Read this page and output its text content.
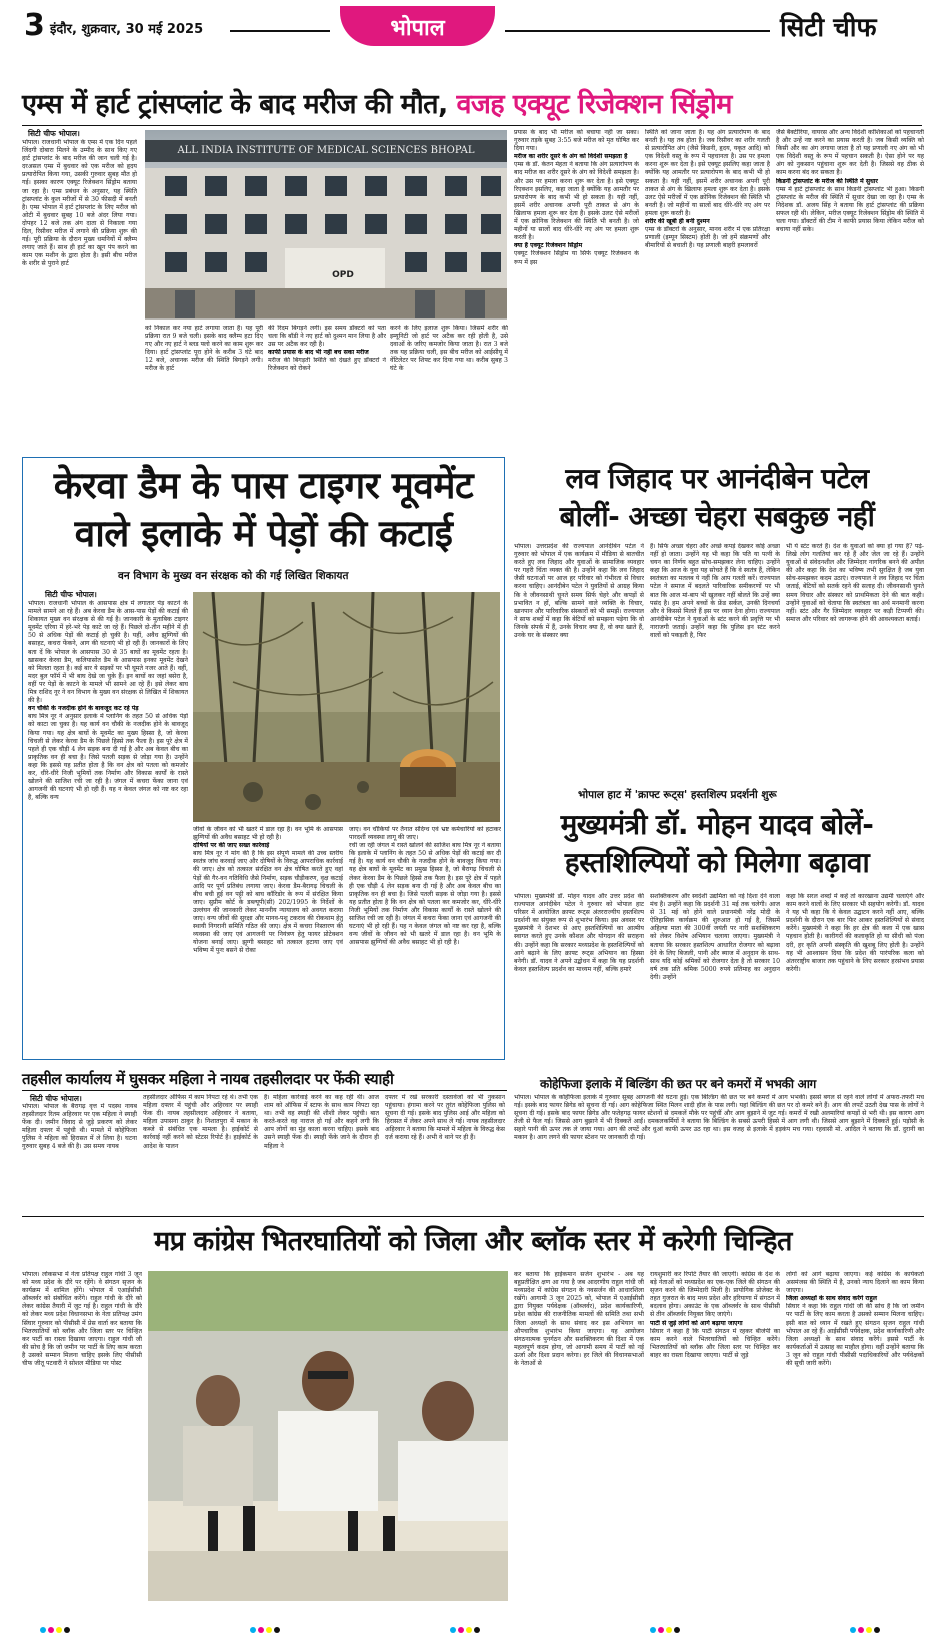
3 इंदौर, शुक्रवार, 30 मई 2025	भोपाल	सिटी चीफ
एम्स में हार्ट ट्रांसप्लांट के बाद मरीज की मौत, वजह एक्यूट रिजेक्शन सिंड्रोम
सिटी चीफ भोपाल।
भोपाल। राजधानी भोपाल के एम्स में एक दिन पहले जिंदगी दोबारा मिलने के उम्मीद के साथ किए गए हार्ट ट्रांसप्लांट के बाद मरीज की जान चली गई है। दरअसल एम्स में बुधवार को एक मरीज को हृदय प्रत्यारोपित किया गया, उसकी गुरुवार सुबह मौत हो गई। इसका कारण एक्यूट रिजेक्शन सिंड्रोम बताया जा रहा है। एम्स प्रबंधन के अनुसार, यह स्थिति ट्रांसप्लांट के कुल मरीजों में से 30 फीसदी में बनती है। एम्स भोपाल में हार्ट ट्रांसप्लांट के लिए मरीज को ओटी में बुधवार सुबह 10 बजे अंदर लिया गया। दोपहर 12 बजे तक अंग दाता से निकाला गया दिल, रिसीवर मरीज में लगाने की प्रक्रिया शुरू की गई। पूरी प्रक्रिया के दौरान मुख्य धमनियों में क्लैम्प लगाए जाते हैं। साथ ही हार्ट का खून पंप करने का काम एक मशीन के द्वारा होता है। इसी बीच मरीज के शरीर से पुराने हार्ट
ALL INDIA INSTITUTE OF MEDICAL SCIENCES BHOPAL
OPD
को निकाल कर नया हार्ट लगाया जाता है। यह पूरी प्रक्रिया रात 9 बजे चली। इसके बाद क्लैम्प हटा दिए गए और नए हार्ट ने ब्लड फ्लो करने का काम शुरू कर दिया। हार्ट ट्रांसप्लांट पूरा होने के करीब 3 घंटे बाद 12 बजे, अचानक मरीज की स्थिति बिगड़ने लगी। मरीज के हार्ट
की रिदम बिगड़ने लगी। इस समय डॉक्टरों को पता चला कि बॉडी ने नए हार्ट को दुश्मन मान लिया है और उस पर अटैक कर रही है।
काफी प्रयास के बाद भी नहीं बच सका मरीज
मरीज की बिगड़ती स्थिति को देखते हुए डॉक्टरों ने रिजेक्शन को रोकने
करने के लिए इलाज शुरू किया। जिसमें शरीर की इम्यूनिटी जो हार्ट पर अटैक कर रही होती है, उसे दवाओं के जरिए कमजोर किया जाता है। रात 3 बजे तक यह प्रक्रिया चली, इस बीच मरीज को आईसीयू में वेंटिलेटर पर शिफ्ट कर दिया गया था। करीब सुबह 3 घंटे के
प्रयास के बाद भी मरीज को बचाया नहीं जा सका। गुरुवार तड़के सुबह 3:55 बजे मरीज को मृत घोषित कर दिया गया।
मरीज का शरीर दूसरे के अंग को विदेशी समझता है
एम्स के डॉ. केतन मेहता ने बताया कि अंग प्रत्यारोपण के बाद मरीज का शरीर दूसरे के अंग को विदेशी समझता है। और उस पर हमला करना शुरू कर देता है। इसे एक्यूट रिएक्शन इसलिए, कहा जाता है क्योंकि यह आमतौर पर प्रत्यारोपण के बाद कभी भी हो सकता है। यही नहीं, इसमें शरीर अचानक अपनी पूरी ताकत से अंग के खिलाफ हमला शुरू कर देता है। इसके उलट ऐसे मरीजों में एक क्रोनिक रिजेक्शन की स्थिति भी बनती है। जो महीनों या सालों बाद धीरे-धीरे नए अंग पर हमला शुरू करती है।
क्या है एक्यूट रिजेक्शन सिंड्रोम
एक्यूट रिजेक्शन सिंड्रोम या सिर्फ एक्यूट रिजेक्शन के रूप में इस
स्थिति को जाना जाता है। यह अंग प्रत्यारोपण के बाद बनती है। यह तब होता है। जब रिसीवर का शरीर गलती से प्रत्यारोपित अंग (जैसे किडनी, हृदय, यकृत आदि) को एक विदेशी वस्तु के रूप में पहचानता है। उस पर हमला करना शुरू कर देता है। इसे एक्यूट इसलिए कहा जाता है क्योंकि यह आमतौर पर प्रत्यारोपण के बाद कभी भी हो सकता है। यही नहीं, इसमें शरीर अचानक अपनी पूरी ताकत से अंग के खिलाफ हमला शुरू कर देता है। इसके उलट ऐसे मरीजों में एक क्रोनिक रिजेक्शन की स्थिति भी बनती है। जो महीनों या सालों बाद धीरे-धीरे नए अंग पर हमला शुरू करती है।
शरीर की खूबी ही बनी दुश्मन
एम्स के डॉक्टरों के अनुसार, मानव शरीर में एक प्रतिरक्षा प्रणाली (इम्यून सिस्टम) होती है। जो हमें संक्रमणों और बीमारियों से बचाती है। यह प्रणाली बाहरी हमलावरों
जैसे बैक्टीरिया, वायरस और अन्य विदेशी कोशिकाओं को पहचानती है और उन्हें नष्ट करने का प्रयास करती है। जब किसी व्यक्ति को किसी और का अंग लगाया जाता है तो यह प्रणाली नए अंग को भी एक विदेशी वस्तु के रूप में पहचान सकती है। ऐसा होने पर यह अंग को नुकसान पहुंचाना शुरू कर देती है। जिससे वह ठीक से काम करना बंद कर सकता है।
किडनी ट्रांसप्लांट के मरीज की स्थिति में सुधार
एम्स में हार्ट ट्रांसप्लांट के साथ किडनी ट्रांसप्लांट भी हुआ। किडनी ट्रांसप्लांट के मरीज की स्थिति में सुधार देखा जा रहा है। एम्स के निदेशक डॉ. अजय सिंह ने बताया कि हार्ट ट्रांसप्लांट की प्रक्रिया सफल रही थी। लेकिन, मरीज एक्यूट रिजेक्शन सिंड्रोम की स्थिति में चला गया। डॉक्टरों की टीम ने काफी प्रयास किया लेकिन मरीज को बचाया नहीं सके।
केरवा डैम के पास टाइगर मूवमेंट
वाले इलाके में पेड़ों की कटाई
वन विभाग के मुख्य वन संरक्षक को की गई लिखित शिकायत
सिटी चीफ भोपाल।
भोपाल। राजधानी भोपाल के आसपास क्षेत्र में लगातार पेड़ काटने के मामले सामने आ रहे हैं। अब केरवा डैम के आस-पास पेड़ों की कटाई की शिकायत मुख्य वन संरक्षक से की गई है। जानकारी के मुताबिक टाइगर मूवमेंट एरिया में हरे-भरे पेड़ काटे जा रहे हैं। पिछले दो-तीन महीने में ही 50 से अधिक पेड़ों की कटाई हो चुकी है। यहीं, अवैध झुग्गियों की बसाहट, कचरा फेंकने, आग की घटनाएं भी हो रही हैं। जानकारों के लिए बता दें कि भोपाल के आसपास 30 से 35 बाघों का मूवमेंट रहता है। खासकर केरवा डैम, कलियासोत डैम के आसपास इनका मूवमेंट देखने को मिलता रहता है। कई बार ये सड़कों पर भी घूमते नजर आते हैं। वहीं, मदर बुल फॉर्म में भी बाघ देखे जा चुके हैं। इन बाघों का जहां बसेरा है, वहीं पर पेड़ों के काटने के मामले भी सामने आ रहे हैं। इसे लेकर बाघ मित्र राशिद नूर ने वन विभाग के मुख्य वन संरक्षक से लिखित में शिकायत की है।
वन चौकी के नजदीक होने के बावजूद कट रहे पेड़
बाघ मित्र नूर ने अनुसार इलाके में प्लानिंग के तहत 50 से अधिक पेड़ों को काटा जा चुका है। यह कार्य वन चौकी के नजदीक होने के बावजूद किया गया। यह क्षेत्र बाघों के मूवमेंट का मुख्य हिस्सा है, जो केरवा चिचली से लेकर केरवा डैम के पिछले हिस्से तक फैला है। इस पूरे क्षेत्र में पहले ही एक चौड़ी 4 लेन सड़क बना दी गई है और अब केवल बीच का प्राकृतिक वन ही बचा है। जिसे पतली सड़क से जोड़ा गया है। उन्होंने कहा कि इससे यह प्रतीत होता है कि वन क्षेत्र को पतला को कमजोर कर, धीरे-धीरे निजी भूमियों तक निर्माण और विकास कार्यों के रास्ते खोलने की साजिश रची जा रही है। जंगल में कचरा फेंका जाना एवं आगजनी की घटनाएं भी हो रही हैं। यह न केवल जंगल को नष्ट कर रहा है, बल्कि वन्य
जीवों के जीवन को भी खतरे में डाल रहा है। वन भूमि के आसपास झुग्गियों की अवैध बसाहट भी हो रही है।
दोषियों पर की जाए सख्त कार्रवाई
बाघ मित्र नूर ने मांग की है कि इस संपूर्ण मामले की उच्च स्तरीय स्वतंत्र जांच करवाई जाए और दोषियों के विरुद्ध आपराधिक कार्रवाई की जाए। क्षेत्र को तत्काल संरक्षित वन क्षेत्र घोषित करते हुए वहां पेड़ों की गैर-वन गतिविधि जैसे निर्माण, सड़क चौड़ीकरण, वृक्ष कटाई आदि पर पूर्ण प्रतिबंध लगाया जाए। केरवा डैम-बैरागढ़ चिचली के बीच बची हुई वन पट्टी को बाघ कॉरिडोर के रूप में संरक्षित किया जाए। सुप्रीम कोर्ट के डब्ल्यूपी(सी) 202/1995 के निर्देशों के उल्लंघन की जानकारी लेकर माननीय न्यायालय को अवगत कराया जाए। वन्य जीवों की सुरक्षा और मानव-पशु टकराव की रोकथाम हेतु स्थायी निगरानी समिति गठित की जाए। क्षेत्र में कचरा निस्तारण की व्यवस्था की जाए एवं आगजनी पर नियंत्रण हेतु फायर प्रोटेक्शन योजना बनाई जाए। झुग्गी बसाहट को तत्काल हटाया जाए एवं भविष्य में पुनः बसने से रोका
जाए। वन चौकियों पर तैनात संदिग्ध एवं भ्रष्ट कर्मचारियों को हटाकर पारदर्शी व्यवस्था लागू की जाए।
रची जा रही जंगल में रास्ते खोलने की साजिश बाघ मित्र नूर ने बताया कि इलाके में प्लानिंग के तहत 50 से अधिक पेड़ों की कटाई कर दी गई है। यह कार्य वन चौकी के नजदीक होने के बावजूद किया गया। यह क्षेत्र बाघों के मूवमेंट का प्रमुख हिस्सा है, जो बैरागढ़ चिचली से लेकर केरवा डैम के पिछले हिस्से तक फैला है। इस पूरे क्षेत्र में पहले ही एक चौड़ी 4 लेन सड़क बना दी गई है और अब केवल बीच का प्राकृतिक वन ही बचा है। जिसे पतली सड़क से जोड़ा गया है। इससे यह प्रतीत होता है कि वन क्षेत्र को पतला कर कमजोर कर, धीरे-धीरे निजी भूमियों तक निर्माण और विकास कार्यों के रास्ते खोलने की साजिश रची जा रही है। जंगल में कचरा फेंका जाना एवं आगजनी की घटनाएं भी हो रही हैं। यह न केवल जंगल को नष्ट कर रहा है, बल्कि वन्य जीवों के जीवन को भी खतरे में डाल रहा है। वन भूमि के आसपास झुग्गियों की अवैध बसाहट भी हो रही है।
लव जिहाद पर आनंदीबेन पटेल
बोलीं- अच्छा चेहरा सबकुछ नहीं
भोपाल। उत्तरप्रदेश की राज्यपाल आनंदीबेन पटेल ने गुरुवार को भोपाल में एक कार्यक्रम में मीडिया से बातचीत करते हुए लव जिहाद और युवाओं के सामाजिक व्यवहार पर गहरी चिंता व्यक्त की है। उन्होंने कहा कि लव जिहाद जैसी घटनाओं पर आज हर परिवार को गंभीरता से विचार करना चाहिए। आनंदीबेन पटेल ने युवतियों से आग्रह किया कि वे जीवनसाथी चुनते समय सिर्फ चेहरे और कपड़ों से प्रभावित न हों, बल्कि सामने वाले व्यक्ति के विचार, खानपान और पारिवारिक संस्कारों को भी समझें। राज्यपाल ने साफ शब्दों में कहा कि बेटियों को समझना पड़ेगा कि वो जिनके संपर्क में हैं, उनके विचार क्या हैं, वो क्या खाते हैं, उनके घर के संस्कार क्या
हैं। सिर्फ अच्छा चेहरा और अच्छे कपड़े देखकर कोई अच्छा नहीं हो जाता। उन्होंने यह भी कहा कि पति या पत्नी के चयन का निर्णय बहुत सोच-समझकर लेना चाहिए। उन्होंने कहा कि आज के युवा यह सोचते हैं कि वे स्वतंत्र हैं, लेकिन स्वतंत्रता का मतलब ये नहीं कि आप गलती करें। राज्यपाल पटेल ने समाज में बदलते पारिवारिक समीकरणों पर भी बात कि आज मां-बाप भी खुलकर नहीं बोलते कि उन्हें क्या पसंद है। हम अपने बच्चों के फ्रेंड सर्कल, उनकी दिनचर्या और वे किससे मिलते हैं इस पर ध्यान देना होगा। राज्यपाल आनंदीबेन पटेल ने युवाओं के स्टंट करने की प्रवृत्ति पर भी नाराजगी जताई। उन्होंने कहा कि पुलिस इन स्टंट करने वालों को पकड़ती है, फिर
भी ये स्टंट करते हैं। देश के युवाओं को क्या हो गया है? पढ़े-लिखे लोग गलतियां कर रहे हैं और जेल जा रहे हैं। उन्होंने युवाओं से संवेदनशील और जिम्मेदार नागरिक बनने की अपील की और कहा कि देश का भविष्य तभी सुरक्षित है जब युवा सोच-समझकर कदम उठाएं। राज्यपाल ने लव जिहाद पर चिंता जताई, बेटियों को सतर्क रहने की सलाह दी। जीवनसाथी चुनते समय विचार और संस्कार को प्राथमिकता देने की बात कही। उन्होंने युवाओं को चेताया कि स्वतंत्रता का अर्थ मनमानी करना नहीं। स्टंट और गैर जिम्मेदार व्यवहार पर कड़ी टिप्पणी की। समाज और परिवार को जागरूक होने की आवश्यकता बताई।
भोपाल हाट में 'क्राफ्ट रूट्स' हस्तशिल्प प्रदर्शनी शुरू
मुख्यमंत्री डॉ. मोहन यादव बोलें-
हस्तशिल्पियों को मिलेगा बढ़ावा
भोपाल। मुख्यमंत्री डॉ. मोहन यादव और उत्तर प्रदेश की राज्यपाल आनंदीबेन पटेल ने गुरुवार को भोपाल हाट परिसर में आयोजित क्राफ्ट रूट्स अंतरराज्यीय हस्तशिल्प प्रदर्शनी का संयुक्त रूप से शुभारंभ किया। इस अवसर पर मुख्यमंत्री ने देशभर से आए हस्तशिल्पियों का आत्मीय स्वागत करते हुए उनके कौशल और योगदान की सराहना की। उन्होंने कहा कि सरकार मध्यप्रदेश के हस्तशिल्पियों को आगे बढ़ाने के लिए क्राफ्ट रूट्स अभियान का हिस्सा बनेगी। डॉ. यादव ने अपने उद्बोधन में कहा कि यह प्रदर्शनी केवल हस्तशिल्प प्रदर्शन का माध्यम नहीं, बल्कि हमारे
सशक्तिकरण और स्वदेशी उद्यमिता को नई दिशा देने वाला मंच है। उन्होंने कहा कि प्रदर्शनी 31 मई तक चलेगी। आज से 31 मई को होने वाले प्रधानमंत्री नरेंद्र मोदी के ऐतिहासिक कार्यक्रम की शुरुआत हो गई है, जिसमें अहिल्या माता की 300वीं जयंती पर नारी सशक्तिकरण को लेकर विशेष अभियान चलाया जाएगा। मुख्यमंत्री ने बताया कि सरकार हस्तशिल्प आधारित रोजगार को बढ़ावा देने के लिए बिजली, पानी और ब्याज में अनुदान के साथ-साथ यदि कोई श्रमिकों को रोजगार देता है तो सरकार 10 वर्ष तक प्रति श्रमिक 5000 रुपये प्रतिमाह का अनुदान देगी। उन्होंने
कहा कि सरल शब्दों में कहें तो कारखाना उद्यमी चलाएंगे और काम करने वालों के लिए सरकार भी सहयोग करेगी। डॉ. यादव ने यह भी कहा कि ये केवल उद्घाटन करने नहीं आए, बल्कि प्रदर्शनी के दौरान एक बार फिर आकर हस्तशिल्पियों से संवाद करेंगे। मुख्यमंत्री ने कहा कि हर क्षेत्र की कला में एक खास पहचान होती है। कारीगरों की कलाकृति हो या सीधी को पंजा दरी, हर कृति अपनी संस्कृति की खुशबू लिए होती है। उन्होंने यह भी आश्वासन दिया कि प्रदेश की पारंपरिक कला को अंतरराष्ट्रीय बाजार तक पहुंचाने के लिए सरकार हरसंभव प्रयास करेगी।
तहसील कार्यालय में घुसकर महिला ने नायब तहसीलदार पर फेंकी स्याही
सिटी चीफ भोपाल।
भोपाल। भोपाल के बैरागढ़ वृत्त में पदस्थ नायब तहसीलदार रितम अहिरवार पर एक महिला ने स्याही फेंक दी। जमीन विवाद से जुड़े प्रकरण को लेकर महिला दफ्तर में पहुंची थी। मामले में कोहेफिजा पुलिस ने महिला को हिरासत में ले लिया है। घटना गुरुवार सुबह 4 बजे की है। उस समय नायब
तहसीलदार ऑफिस में काम निपटा रहे थे। तभी एक महिला दफ्तर में पहुंची और अहिरवार पर स्याही फेंक दी। नायब तहसीलदार अहिरवार ने बताया, महिला उपासना ठाकुर है। निशातपुरा में मकान के कब्जे से संबंधित एक मामला है। हाईकोर्ट से कार्रवाई नहीं करने को स्टेटस रिपोर्ट है। हाईकोर्ट के आदेश के पालन
है। महिला कार्रवाई करने का कह रही थी। आज शाम को ऑफिस में स्टाफ के साथ काम निपटा रहा था। तभी वह स्याही की शीशी लेकर पहुंची। बात करते-करते वह नाराज हो गई और कहने लगी कि आप लोगों का मुंह काला करना चाहिए। इसके बाद उसने स्याही फेंक दी। स्याही फेंके जाने के दौरान ही महिला ने
दफ्तर में रखे सरकारी दस्तावेजों को भी नुकसान पहुंचाया। हंगामा करने पर तुरंत कोहेफिजा पुलिस को सूचना दी गई। इसके बाद पुलिस आई और महिला को हिरासत में लेकर अपने साथ ले गई। नायब तहसीलदार अहिरवार ने बताया कि मामले में महिला के विरुद्ध केस दर्ज कराया रहे हैं। अभी वे थाने पर ही हैं।
कोहेफिजा इलाके में बिल्डिंग की छत पर बने कमरों में भभकी आग
भोपाल। भोपाल के कोहेफिजा इलाके में गुरुवार सुबह आगजनी की घटना हुई। एक बिल्डिंग की छत पर बने कमरों में आग भभकी। इससे बगल से रहने वाले लोगों में अफरा-तफरी मच गई। इसके बाद फायर ब्रिगेड को सूचना दी गई। आग कोहेफिजा स्थित मिलन शादी हॉल के पास लगी। यहां बिल्डिंग की छत पर दो कमरे बने हैं। आग की लपटें उठती देख पास के लोगों ने सूचना दी गई। इसके बाद फायर ब्रिगेड और फतेहगढ़ फायर स्टेशनों से दमकलें मौके पर पहुंचीं और आग बुझाने में जुट गई। कमरों में रखी अलमारियां कपड़ों से भरी थी। इस कारण आग तेजी से फैल गई। जिससे आग बुझाने में भी दिक्कतें आईं। दमकलकर्मियों ने बताया कि बिल्डिंग के सबसे ऊपरी हिस्से में आग लगी थी। जिससे आग बुझाने में दिक्कतें हुई। पड़ोसी के सहारे पानी की ऊपर तक ले जाया गया। आग की लपटें और धुआं काफी ऊपर उठ रहा था। इस वजह से इलाके में हड़कंप मच गया। रहवासी मो. आदिल ने बताया कि डॉ. दुरानी का मकान है। आग लगने की फायर स्टेशन पर जानकारी दी गई।
मप्र कांग्रेस भितरघातियों को जिला और ब्लॉक स्तर में करेगी चिन्हित
भोपाल। लोकसभा में नेता प्रतिपक्ष राहुल गांधी 3 जून को मध्य प्रदेश के दौरे पर रहेंगे। वे संगठन सृजन के कार्यक्रम में शामिल होंगे। भोपाल में एआईसीसी ऑब्जर्वर को संबोधित करेंगे। राहुल गांधी के दौरे को लेकर कांग्रेस तैयारी में जुट गई है। राहुल गांधी के दौरे को लेकर मध्य प्रदेश विधानसभा के नेता प्रतिपक्ष उमंग सिंघार गुरुवार को पीसीसी में प्रेस वार्ता कर बताया कि भितरघातियों को ब्लॉक और जिला स्तर पर चिन्हित कर पार्टी का रास्ता दिखाया जाएगा। राहुल गांधी जी की सोच है कि जो जमीन पर पार्टी के लिए काम करता है उसको सम्मान मिलना चाहिए इसके लिए पीसीसी चीफ जीतू पटवारी ने सोशल मीडिया पर पोस्ट
कर बताया कि हाईकमान सर्जन शुभारंभ - अब यह बहुप्रतीक्षित क्षण आ गया है जब आदरणीय राहुल गांधी जी मध्यप्रदेश में कांग्रेस संगठन के नवसर्जन की आधारशिला रखेंगे। आगामी 3 जून 2025 को, भोपाल में एआईसीसी द्वारा नियुक्त पर्यवेक्षक (ऑब्जर्वर), प्रदेश कार्यकारिणी, प्रदेश कांग्रेस की राजनीतिक मामलों की समिति तथा सभी जिला अध्यक्षों के साथ संवाद कर इस अभियान का औपचारिक शुभारंभ किया जाएगा। यह आयोजन संगठनात्मक पुनर्गठन और सशक्तिकरण की दिशा में एक महत्वपूर्ण कदम होगा, जो आगामी समय में पार्टी को नई ऊर्जा और दिशा प्रदान करेगा। हर जिले की विधानसभाओं के नेताओं से
रायशुमारी कर रिपोर्ट तैयार की जाएगी। कांग्रेस के देश के बड़े नेताओं को मध्यप्रदेश का एक-एक जिले की संगठन की सृजन करने की जिम्मेदारी मिली है। प्रायोगिक प्रोजेक्ट के तहत गुजरात के बाद मध्य प्रदेश और हरियाणा में संगठन में बदलाव होगा। अकाउंट के एक ऑब्जर्वर के साथ पीसीसी से तीन ऑब्जर्वर नियुक्त किए जाएंगे।
पार्टी से जुड़े लोगों को आगे बढ़ाया जाएगा
सिंघार ने कहा है कि पार्टी संगठन में रहकर बीजेपी का काम करने वाले भितरघातियों को चिन्हित करेंगे। भितरघातियों को ब्लॉक और जिला स्तर पर चिन्हित कर बाहर का रास्ता दिखाया जाएगा। पार्टी से जुड़े
लोगों को आगे बढ़ाया जाएगा। कई कांग्रेस के कार्यकर्ता असमंजस की स्थिति में है, उनको न्याय दिलाने का काम किया जाएगा।
जिला अध्यक्षों के साथ संवाद करेंगे राहुल
सिंघार ने कहा कि राहुल गांधी जी की सोच है कि जो जमीन पर पार्टी के लिए काम करता है उसको सम्मान मिलना चाहिए। इसी बात को ध्यान में रखते हुए संगठन सृजन राहुल गांधी भोपाल आ रहे हैं। आईसीसी पर्यवेक्षक, प्रदेश कार्यकारिणी और जिला अध्यक्षों के साथ संवाद करेंगे। इससे पार्टी के कार्यकर्ताओं में उत्साह का माहौल होगा। वहीं उन्होंने बताया कि 3 जून को राहुल गांधी पीसीसी पदाधिकारियों और पर्यवेक्षकों की सूची जारी करेंगे।
